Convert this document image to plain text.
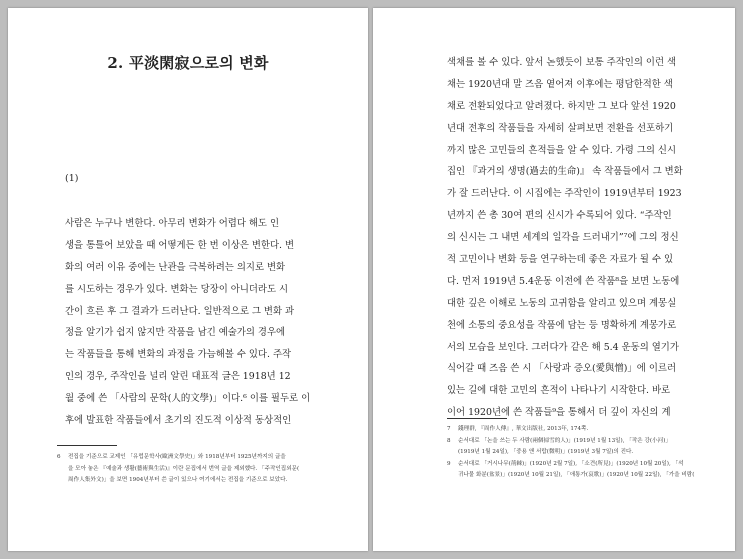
2. 平淡閑寂으로의 변화
(1)
사람은 누구나 변한다. 아무리 변화가 어렵다 해도 인
생을 통틀어 보았을 때 어떻게든 한 번 이상은 변한다. 변
화의 여러 이유 중에는 난관을 극복하려는 의지로 변화
를 시도하는 경우가 있다. 변화는 당장이 아니더라도 시
간이 흐른 후 그 결과가 드러난다. 일반적으로 그 변화 과
정을 알기가 쉽지 않지만 작품을 남긴 예술가의 경우에
는 작품들을 통해 변화의 과정을 가늠해볼 수 있다. 주작
인의 경우, 주작인을 널리 알린 대표적 글은 1918년 12
월 중에 쓴 「사람의 문학(人的文學)」이다.⁶ 이를 필두로 이
후에 발표한 작품들에서 초기의 진도적 이상적 동상적인
6 전집을 기준으로 교제인 「유럽문학사(歐洲文學史)」와 1918년부터 1925년까지의 글을
을 모아 놓은 『예술과 생활(藝術與生活)』이란 문집에서 번역 글을 제외했다. 「주작인집외문(
周作人集外文)」을 보면 1904년부터 쓴 글이 있으나 여기에서는 전집을 기준으로 보았다.
색채를 볼 수 있다. 앞서 논했듯이 보통 주작인의 이런 색
채는 1920년대 말 즈음 옅어져 이후에는 평담한적한 색
채로 전환되었다고 알려졌다. 하지만 그 보다 앞선 1920
년대 전후의 작품들을 자세히 살펴보면 전환을 선포하기
까지 많은 고민들의 흔적들을 알 수 있다. 가령 그의 신시
집인 『과거의 생명(過去的生命)』 속 작품들에서 그 변화
가 잘 드러난다. 이 시집에는 주작인이 1919년부터 1923
년까지 쓴 총 30여 편의 신시가 수록되어 있다. “주작인
의 신시는 그 내면 세계의 일각을 드러내기”⁷에 그의 정신
적 고민이나 변화 등을 연구하는데 좋은 자료가 될 수 있
다. 먼저 1919년 5.4운동 이전에 쓴 작품⁸을 보면 노동에
대한 깊은 이해로 노동의 고귀함을 알리고 있으며 계몽실
천에 소통의 중요성을 작품에 담는 등 명확하게 계몽가로
서의 모습을 보인다. 그러다가 같은 해 5.4 운동의 열기가
식어갈 때 즈음 쓴 시 「사랑과 증오(愛與憎)」에 이르러
있는 길에 대한 고민의 흔적이 나타나기 시작한다. 바로
이어 1920년에 쓴 작품들⁹을 통해서 더 깊이 자신의 계
7 錢理群, 『周作人傳』, 華文出版社, 2013年, 174쪽.
8 순서대로 「논을 쓰는 두 사람(兩個掃雪的人)」(1919년 1월 13일), 「작은 강(小河)」
(1919년 1월 24일), 「중용 앤 서랍(微明)」(1919년 3월 7일)의 진다.
9 순서대로 「거시나무(荊棘)」(1920년 2월 7일), 「소견(所見)」(1920년 10월 20일), 「석
귀나물 화분(盆景)」(1920년 10월 21일), 「애통가(哀歌)」(1920년 10월 22일), 「가을 비람(
